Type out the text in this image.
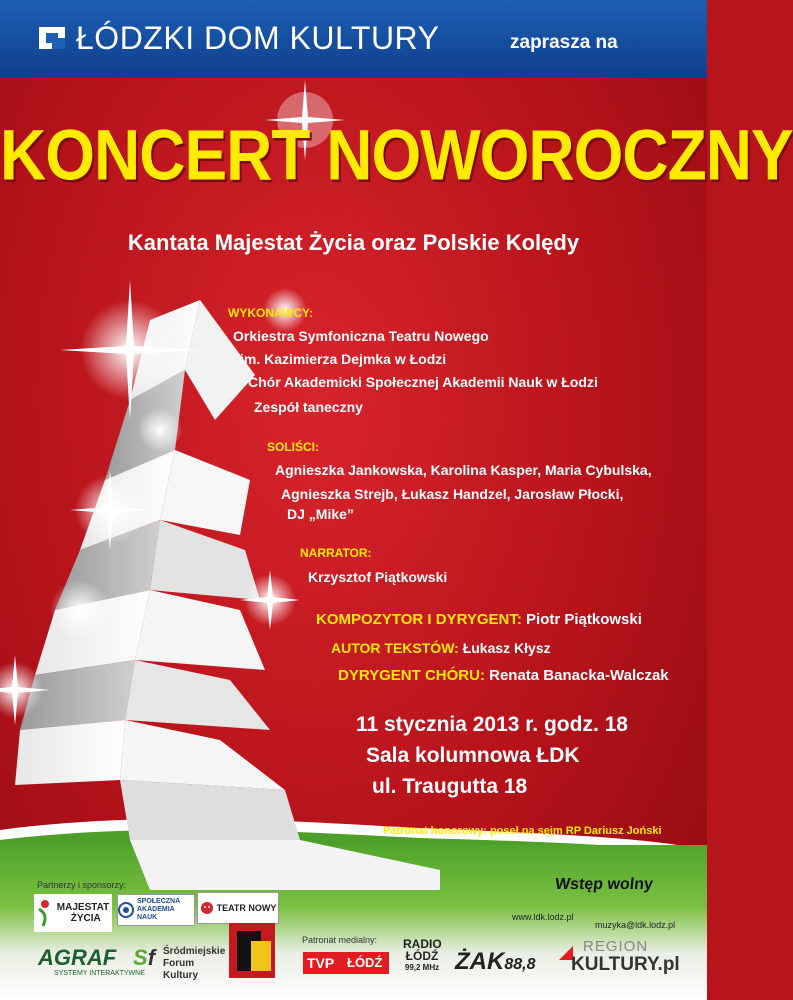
ŁÓDZKI DOM KULTURY	zaprasza na
KONCERT NOWOROCZNY
Kantata Majestat Życia oraz Polskie Kolędy
WYKONAWCY:
Orkiestra Symfoniczna Teatru Nowego
im. Kazimierza Dejmka w Łodzi
Chór Akademicki Społecznej Akademii Nauk w Łodzi
Zespół taneczny
SOLIŚCI:
Agnieszka Jankowska, Karolina Kasper, Maria Cybulska,
Agnieszka Strejb, Łukasz Handzel, Jarosław Płocki,
DJ „Mike”
NARRATOR:
Krzysztof Piątkowski
KOMPOZYTOR I DYRYGENT: Piotr Piątkowski
AUTOR TEKSTÓW: Łukasz Kłysz
DYRYGENT CHÓRU: Renata Banacka-Walczak
11 stycznia 2013 r. godz. 18
Sala kolumnowa ŁDK
ul. Traugutta 18
Patronat honorowy: poseł na sejm RP Dariusz Joński
Wstęp wolny
www.ldk.lodz.pl
muzyka@ldk.lodz.pl
Partnerzy i sponsorzy:
MAJESTAT
ŻYCIA
SPOŁECZNA
AKADEMIA NAUK
TEATR NOWY
AGRAF
SYSTEMY INTERAKTYWNE
Sf Śródmiejskie Forum Kultury
Patronat medialny:
TVP ŁÓDŹ
RADIO
ŁÓDŹ
99,2 MHz ŻAK88,8
REGION
KULTURY.pl
